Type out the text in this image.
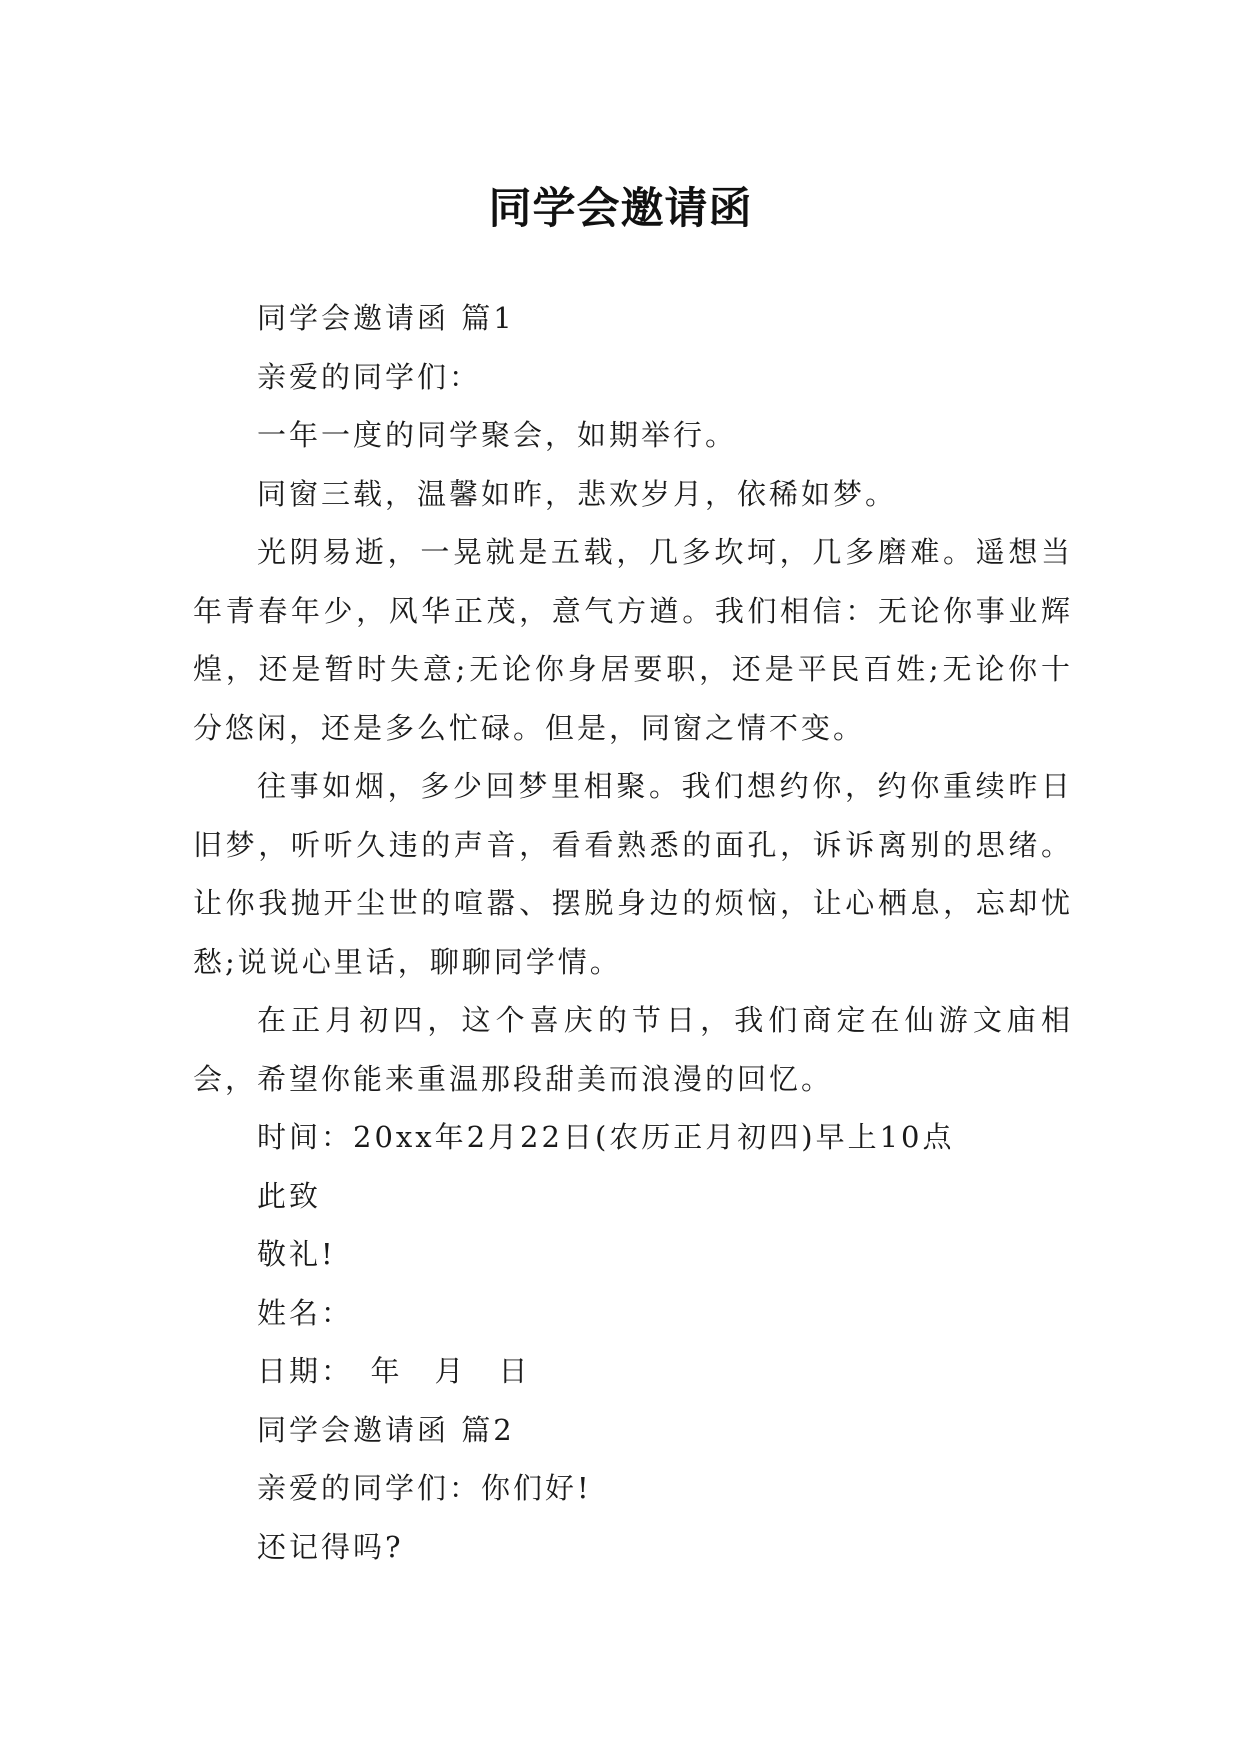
同学会邀请函

同学会邀请函 篇1

亲爱的同学们：

一年一度的同学聚会，如期举行。

同窗三载，温馨如昨，悲欢岁月，依稀如梦。

光阴易逝，一晃就是五载，几多坎坷，几多磨难。遥想当年青春年少，风华正茂，意气方遒。我们相信：无论你事业辉煌，还是暂时失意;无论你身居要职，还是平民百姓;无论你十分悠闲，还是多么忙碌。但是，同窗之情不变。

往事如烟，多少回梦里相聚。我们想约你，约你重续昨日旧梦，听听久违的声音，看看熟悉的面孔，诉诉离别的思绪。让你我抛开尘世的喧嚣、摆脱身边的烦恼，让心栖息，忘却忧愁;说说心里话，聊聊同学情。

在正月初四，这个喜庆的节日，我们商定在仙游文庙相会，希望你能来重温那段甜美而浪漫的回忆。

时间：20xx年2月22日(农历正月初四)早上10点

此致

敬礼!

姓名：

日期：　年　月　日

同学会邀请函 篇2

亲爱的同学们：你们好!

还记得吗?
